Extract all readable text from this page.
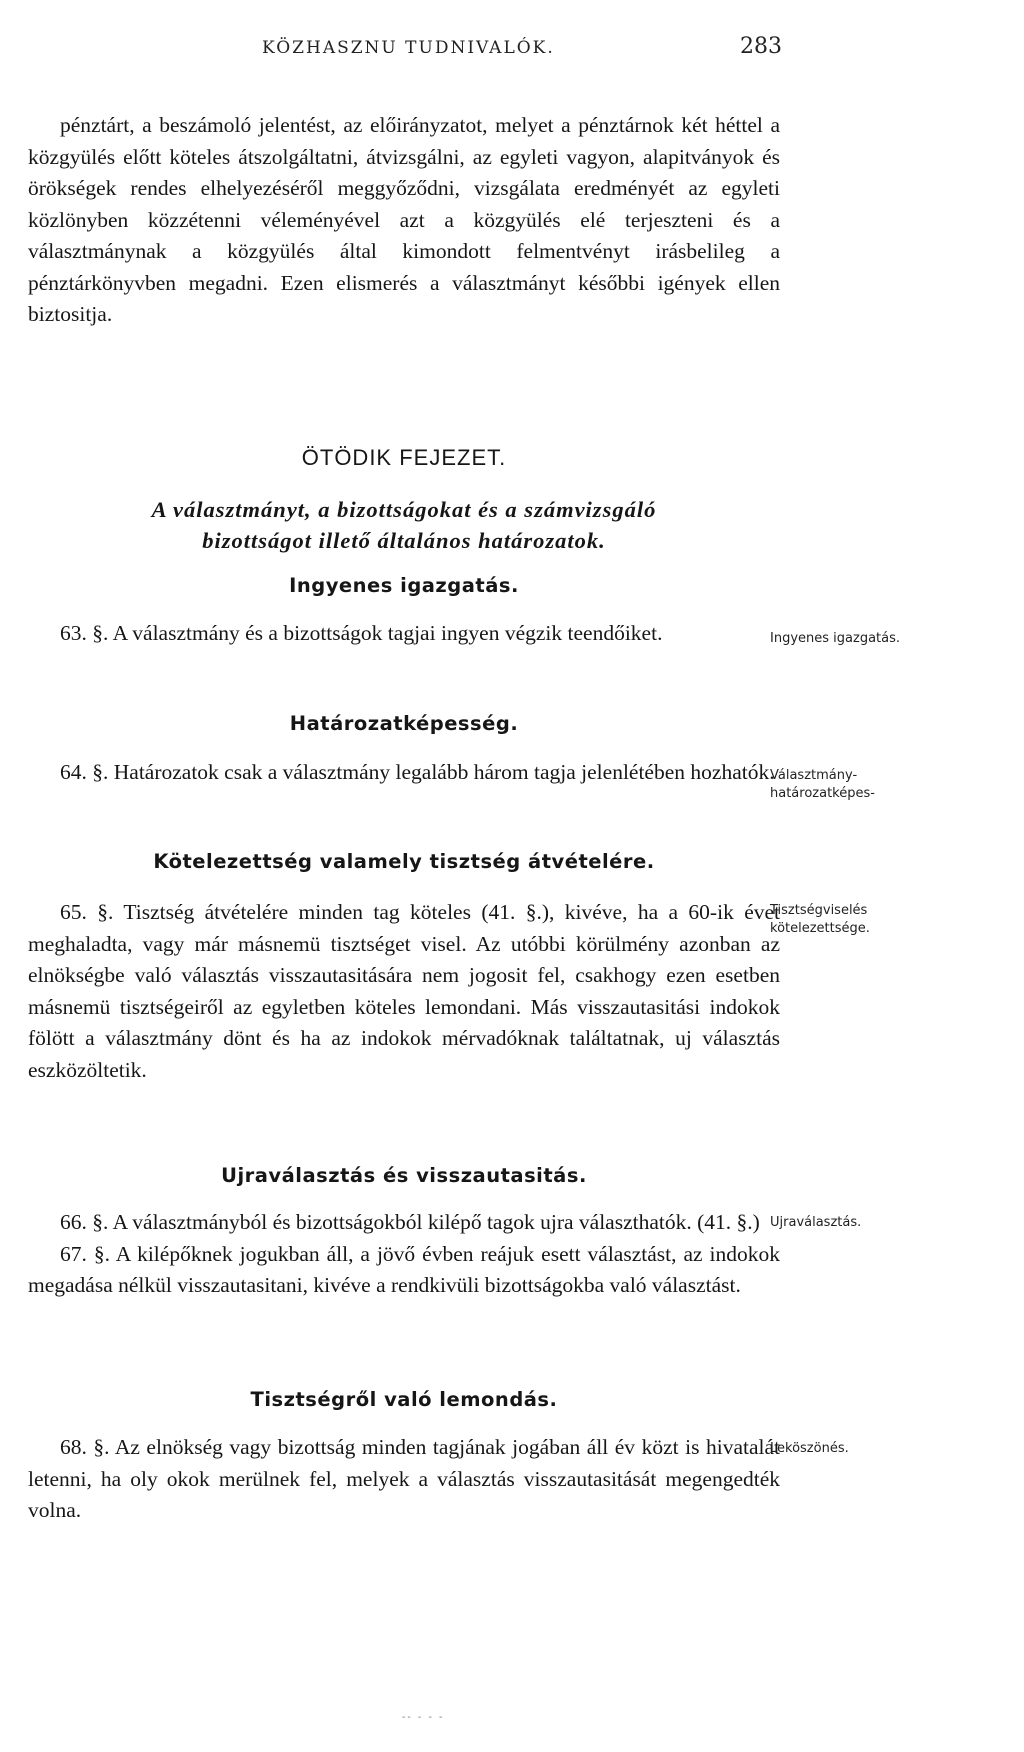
KÖZHASZNU TUDNIVALÓK.	283

pénztárt, a beszámoló jelentést, az előirányzatot, melyet a pénztárnok két héttel a közgyülés előtt köteles átszolgáltatni, átvizsgálni, az egyleti vagyon, alapitványok és örökségek rendes elhelyezéséről meggyőződni, vizsgálata eredményét az egyleti közlönyben közzétenni véleményével azt a közgyülés elé terjeszteni és a választmánynak a közgyülés által kimondott felmentvényt irásbelileg a pénztárkönyvben megadni. Ezen elismerés a választmányt későbbi igények ellen biztositja.

ÖTÖDIK FEJEZET.
A választmányt, a bizottságokat és a számvizsgáló
bizottságot illető általános határozatok.
Ingyenes igazgatás.

63. §. A választmány és a bizottságok tagjai ingyen végzik teendőiket.	Ingyenes igazgatás.
Határozatképesség.

64. §. Határozatok csak a választmány legalább három tagja jelenlétében hozhatók.

Választmány-határozatképes-
Kötelezettség valamely tisztség átvételére.

65. §. Tisztség átvételére minden tag köteles (41. §.), kivéve, ha a 60-ik évet meghaladta, vagy már másnemü tisztséget visel. Az utóbbi körülmény azonban az elnökségbe való választás visszautasitására nem jogosit fel, csakhogy ezen esetben másnemü tisztségeiről az egyletben köteles lemondani. Más visszautasitási indokok fölött a választmány dönt és ha az indokok mérvadóknak találtatnak, uj választás eszközöltetik.

Tisztségviselés kötelezettsége.
Ujraválasztás és visszautasitás.

66. §. A választmányból és bizottságokból kilépő tagok ujra választhatók. (41. §.)

67. §. A kilépőknek jogukban áll, a jövő évben reájuk esett választást, az indokok megadása nélkül visszautasitani, kivéve a rendkivüli bizottságokba való választást.

Ujraválasztás.
Tisztségről való lemondás.

68. §. Az elnökség vagy bizottság minden tagjának jogában áll év közt is hivatalát letenni, ha oly okok merülnek fel, melyek a választás visszautasitását megengedték volna.

Leköszönés.
-- - - -
